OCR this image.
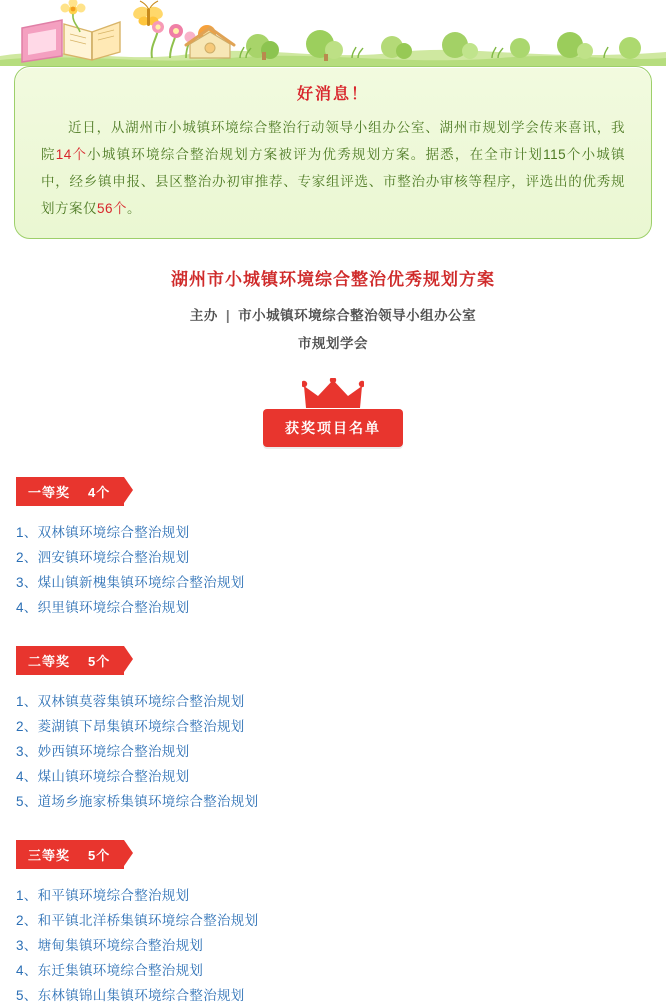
好消息！
近日，从湖州市小城镇环境综合整治行动领导小组办公室、湖州市规划学会传来喜讯，我院14个小城镇环境综合整治规划方案被评为优秀规划方案。据悉，在全市计划115个小城镇中，经乡镇申报、县区整治办初审推荐、专家组评选、市整治办审核等程序，评选出的优秀规划方案仅56个。
湖州市小城镇环境综合整治优秀规划方案
主办 | 市小城镇环境综合整治领导小组办公室
市规划学会
获奖项目名单
一等奖 4个
1、双林镇环境综合整治规划
2、泗安镇环境综合整治规划
3、煤山镇新槐集镇环境综合整治规划
4、织里镇环境综合整治规划
二等奖 5个
1、双林镇莫蓉集镇环境综合整治规划
2、菱湖镇下昂集镇环境综合整治规划
3、妙西镇环境综合整治规划
4、煤山镇环境综合整治规划
5、道场乡施家桥集镇环境综合整治规划
三等奖 5个
1、和平镇环境综合整治规划
2、和平镇北洋桥集镇环境综合整治规划
3、塘甸集镇环境综合整治规划
4、东迁集镇环境综合整治规划
5、东林镇锦山集镇环境综合整治规划
